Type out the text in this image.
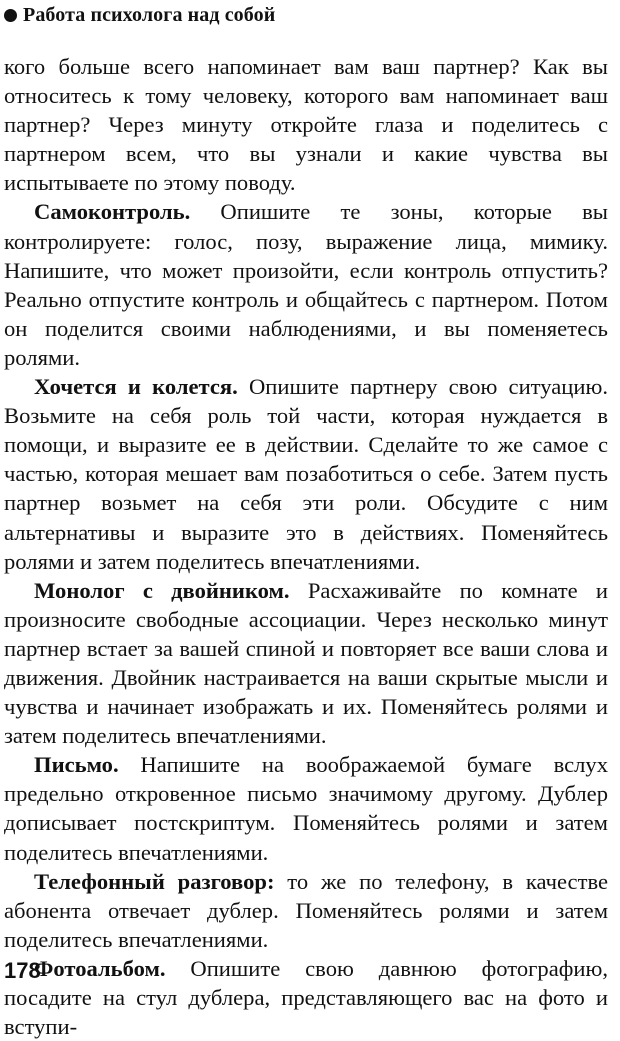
Работа психолога над собой

кого больше всего напоминает вам ваш партнер? Как вы относитесь к тому человеку, которого вам напоминает ваш партнер? Через минуту откройте глаза и поделитесь с партнером всем, что вы узнали и какие чувства вы испытываете по этому поводу.

Самоконтроль. Опишите те зоны, которые вы контролируете: голос, позу, выражение лица, мимику. Напишите, что может произойти, если контроль отпустить? Реально отпустите контроль и общайтесь с партнером. Потом он поделится своими наблюдениями, и вы поменяетесь ролями.

Хочется и колется. Опишите партнеру свою ситуацию. Возьмите на себя роль той части, которая нуждается в помощи, и выразите ее в действии. Сделайте то же самое с частью, которая мешает вам позаботиться о себе. Затем пусть партнер возьмет на себя эти роли. Обсудите с ним альтернативы и выразите это в действиях. Поменяйтесь ролями и затем поделитесь впечатлениями.

Монолог с двойником. Расхаживайте по комнате и произносите свободные ассоциации. Через несколько минут партнер встает за вашей спиной и повторяет все ваши слова и движения. Двойник настраивается на ваши скрытые мысли и чувства и начинает изображать и их. Поменяйтесь ролями и затем поделитесь впечатлениями.

Письмо. Напишите на воображаемой бумаге вслух предельно откровенное письмо значимому другому. Дублер дописывает постскриптум. Поменяйтесь ролями и затем поделитесь впечатлениями.

Телефонный разговор: то же по телефону, в качестве абонента отвечает дублер. Поменяйтесь ролями и затем поделитесь впечатлениями.

Фотоальбом. Опишите свою давнюю фотографию, посадите на стул дублера, представляющего вас на фото и вступи-

178
